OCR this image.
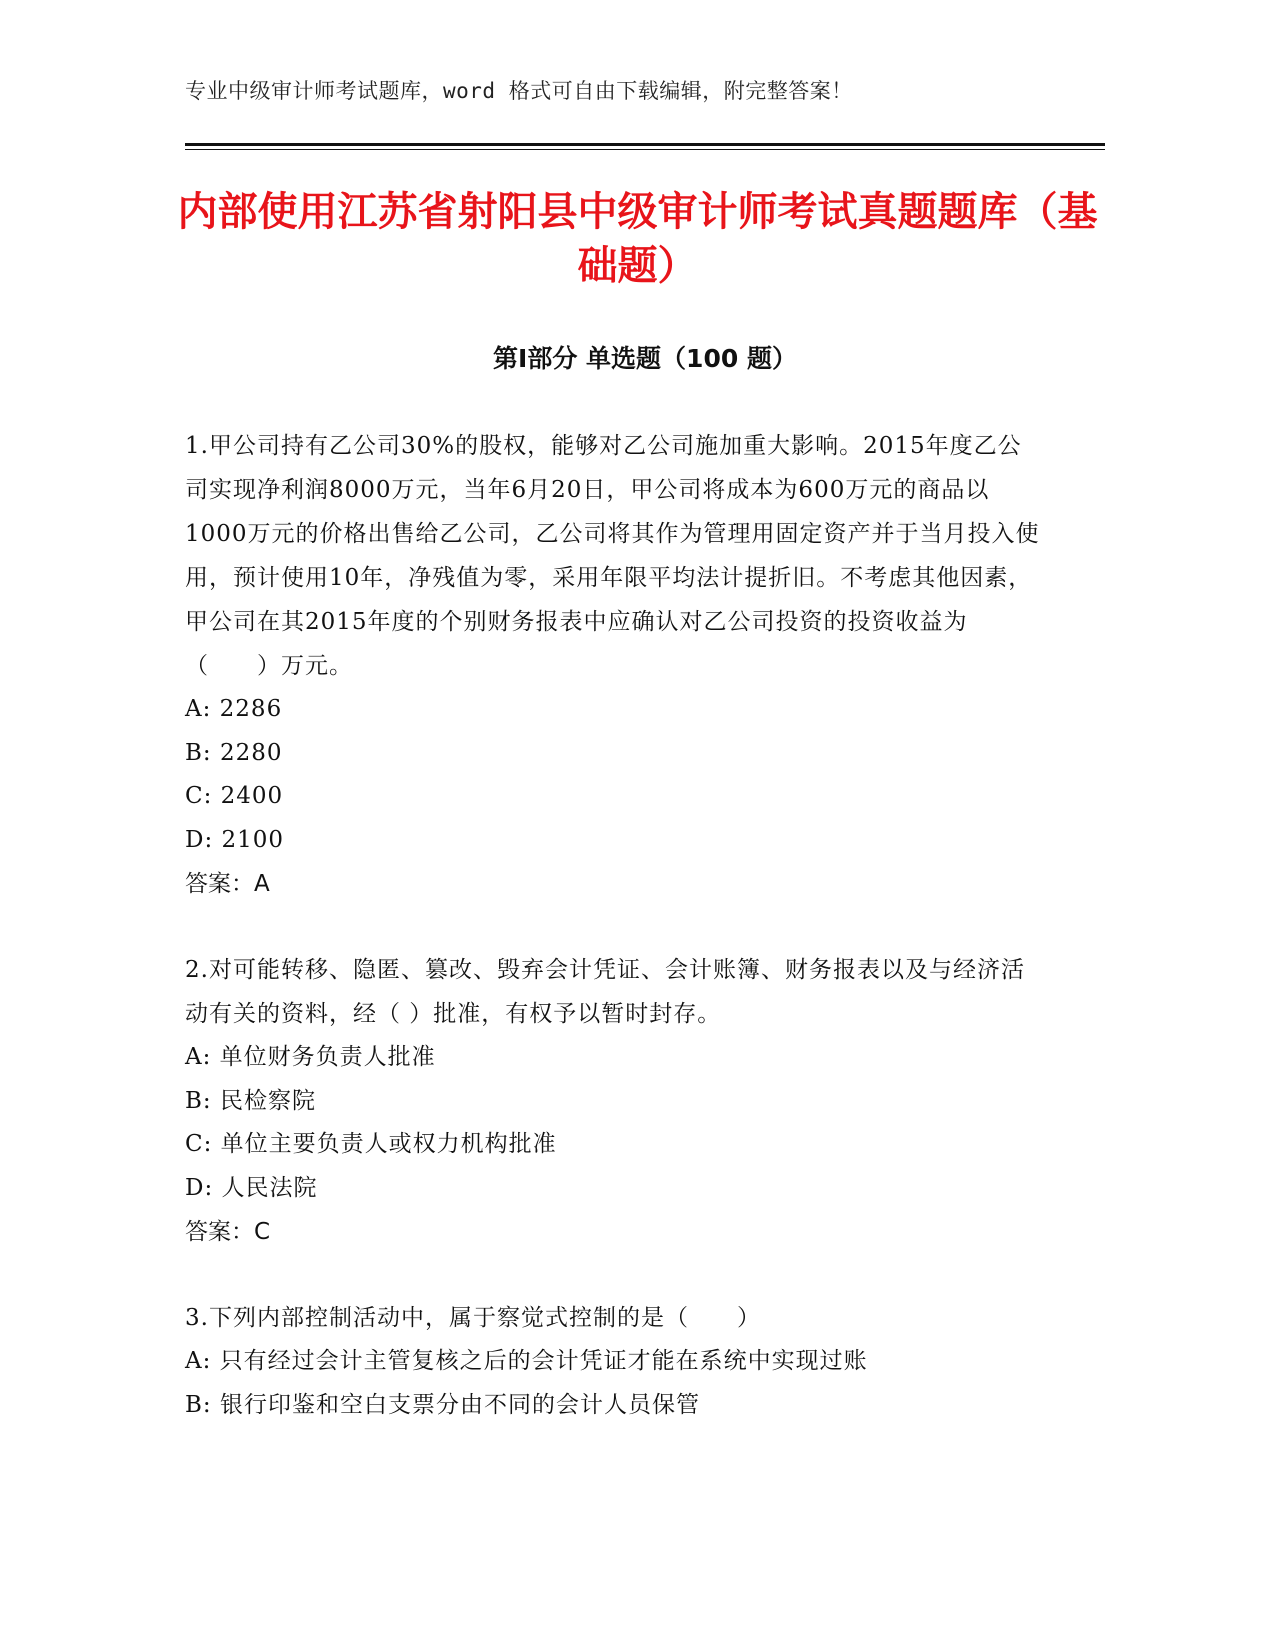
专业中级审计师考试题库，word 格式可自由下载编辑，附完整答案！
内部使用江苏省射阳县中级审计师考试真题题库（基础题）
第Ⅰ部分 单选题（100 题）

1.甲公司持有乙公司30%的股权，能够对乙公司施加重大影响。2015年度乙公司实现净利润8000万元，当年6月20日，甲公司将成本为600万元的商品以1000万元的价格出售给乙公司，乙公司将其作为管理用固定资产并于当月投入使用，预计使用10年，净残值为零，采用年限平均法计提折旧。不考虑其他因素，甲公司在其2015年度的个别财务报表中应确认对乙公司投资的投资收益为（　　）万元。

A: 2286

B: 2280

C: 2400

D: 2100

答案：A

2.对可能转移、隐匿、篡改、毁弃会计凭证、会计账簿、财务报表以及与经济活动有关的资料，经（ ）批准，有权予以暂时封存。

A: 单位财务负责人批准

B: 民检察院

C: 单位主要负责人或权力机构批准

D: 人民法院

答案：C

3.下列内部控制活动中，属于察觉式控制的是（　　）

A: 只有经过会计主管复核之后的会计凭证才能在系统中实现过账

B: 银行印鉴和空白支票分由不同的会计人员保管
